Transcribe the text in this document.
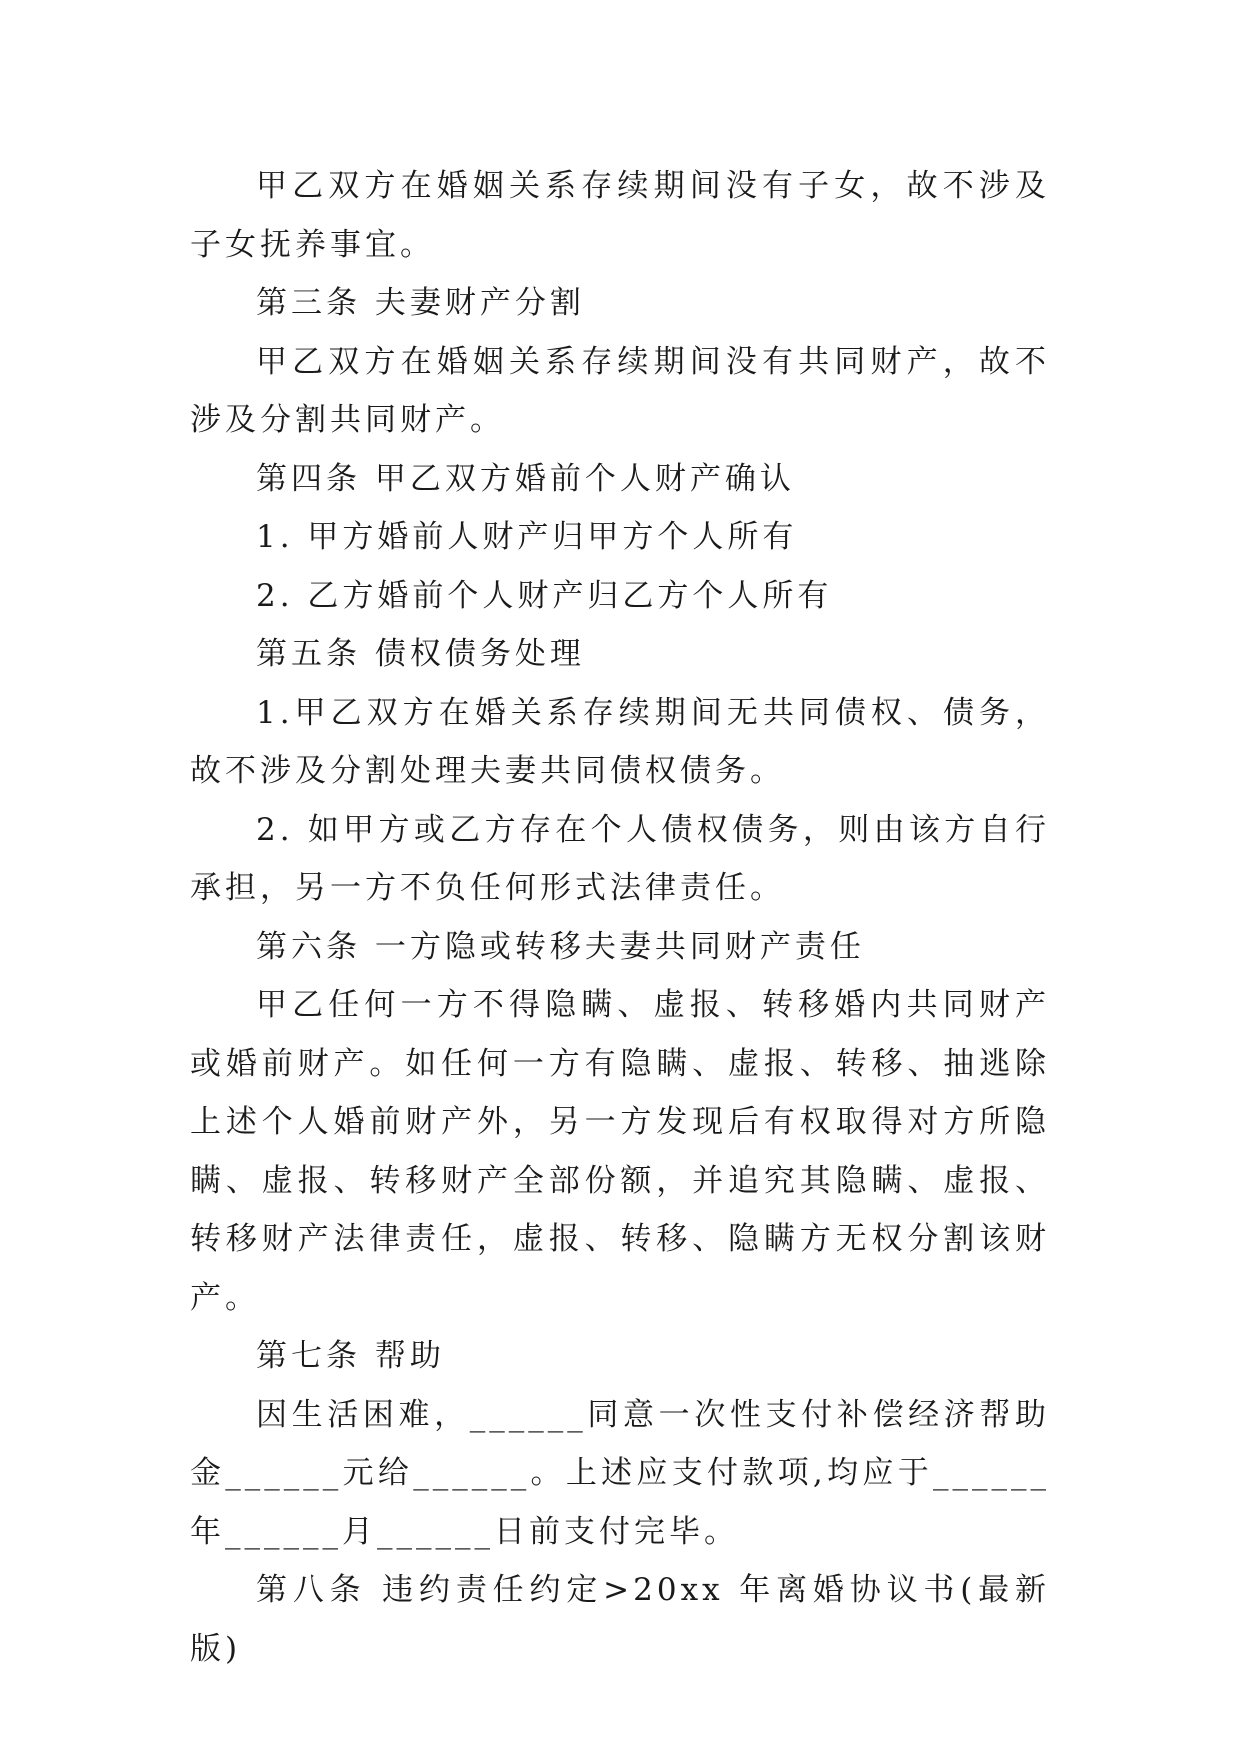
甲乙双方在婚姻关系存续期间没有子女，故不涉及子女抚养事宜。

第三条 夫妻财产分割

甲乙双方在婚姻关系存续期间没有共同财产，故不涉及分割共同财产。

第四条 甲乙双方婚前个人财产确认

1. 甲方婚前人财产归甲方个人所有

2. 乙方婚前个人财产归乙方个人所有

第五条 债权债务处理

1.甲乙双方在婚关系存续期间无共同债权、债务，故不涉及分割处理夫妻共同债权债务。

2. 如甲方或乙方存在个人债权债务，则由该方自行承担，另一方不负任何形式法律责任。

第六条 一方隐或转移夫妻共同财产责任

甲乙任何一方不得隐瞒、虚报、转移婚内共同财产或婚前财产。如任何一方有隐瞒、虚报、转移、抽逃除上述个人婚前财产外，另一方发现后有权取得对方所隐瞒、虚报、转移财产全部份额，并追究其隐瞒、虚报、转移财产法律责任，虚报、转移、隐瞒方无权分割该财产。

第七条 帮助

因生活困难，______同意一次性支付补偿经济帮助金______元给______。上述应支付款项,均应于______年______月______日前支付完毕。

第八条 违约责任约定>20xx 年离婚协议书(最新版)
